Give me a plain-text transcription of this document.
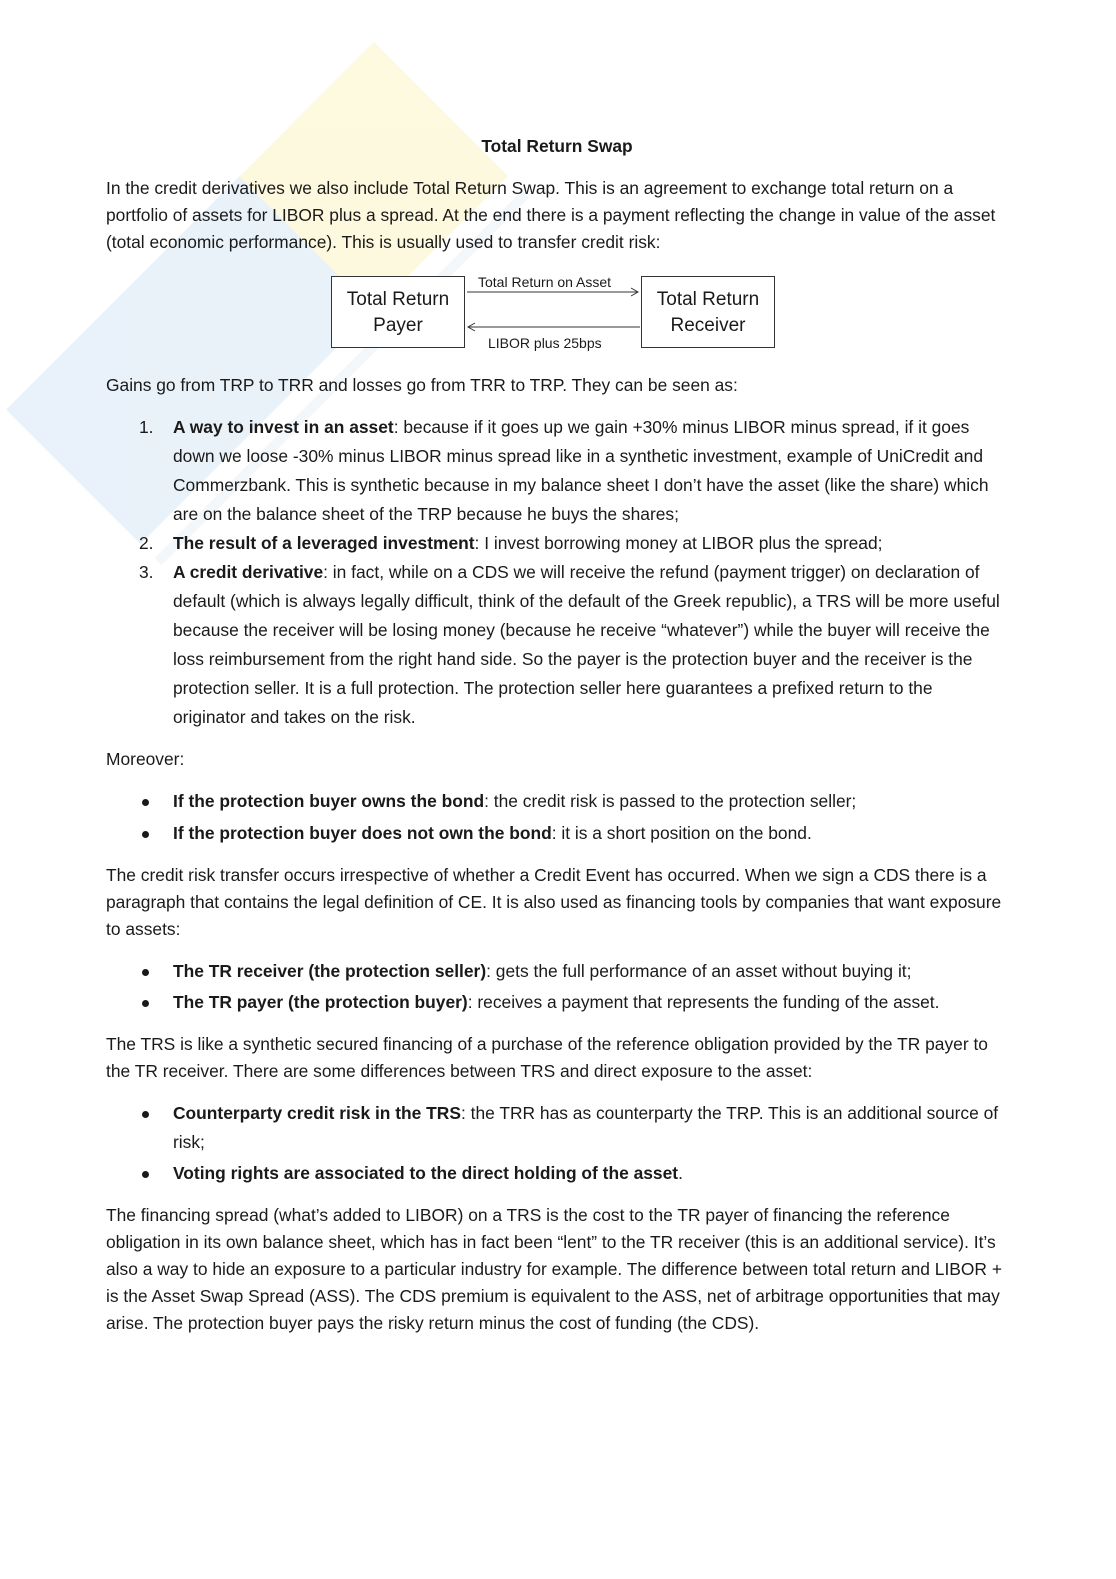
Total Return Swap

In the credit derivatives we also include Total Return Swap. This is an agreement to exchange total return on a portfolio of assets for LIBOR plus a spread. At the end there is a payment reflecting the change in value of the asset (total economic performance). This is usually used to transfer credit risk:

Total Return
Payer
Total Return
Receiver
Total Return on Asset
LIBOR plus 25bps

Gains go from TRP to TRR and losses go from TRR to TRP. They can be seen as:

1. A way to invest in an asset: because if it goes up we gain +30% minus LIBOR minus spread, if it goes down we loose -30% minus LIBOR minus spread like in a synthetic investment, example of UniCredit and Commerzbank. This is synthetic because in my balance sheet I don’t have the asset (like the share) which are on the balance sheet of the TRP because he buys the shares;
2. The result of a leveraged investment: I invest borrowing money at LIBOR plus the spread;
3. A credit derivative: in fact, while on a CDS we will receive the refund (payment trigger) on declaration of default (which is always legally difficult, think of the default of the Greek republic), a TRS will be more useful because the receiver will be losing money (because he receive “whatever”) while the buyer will receive the loss reimbursement from the right hand side. So the payer is the protection buyer and the receiver is the protection seller. It is a full protection. The protection seller here guarantees a prefixed return to the originator and takes on the risk.

Moreover:

If the protection buyer owns the bond: the credit risk is passed to the protection seller;
If the protection buyer does not own the bond: it is a short position on the bond.

The credit risk transfer occurs irrespective of whether a Credit Event has occurred. When we sign a CDS there is a paragraph that contains the legal definition of CE. It is also used as financing tools by companies that want exposure to assets:

The TR receiver (the protection seller): gets the full performance of an asset without buying it;
The TR payer (the protection buyer): receives a payment that represents the funding of the asset.

The TRS is like a synthetic secured financing of a purchase of the reference obligation provided by the TR payer to the TR receiver. There are some differences between TRS and direct exposure to the asset:

Counterparty credit risk in the TRS: the TRR has as counterparty the TRP. This is an additional source of risk;
Voting rights are associated to the direct holding of the asset.

The financing spread (what’s added to LIBOR) on a TRS is the cost to the TR payer of financing the reference obligation in its own balance sheet, which has in fact been “lent” to the TR receiver (this is an additional service). It’s also a way to hide an exposure to a particular industry for example. The difference between total return and LIBOR + is the Asset Swap Spread (ASS). The CDS premium is equivalent to the ASS, net of arbitrage opportunities that may arise. The protection buyer pays the risky return minus the cost of funding (the CDS).
